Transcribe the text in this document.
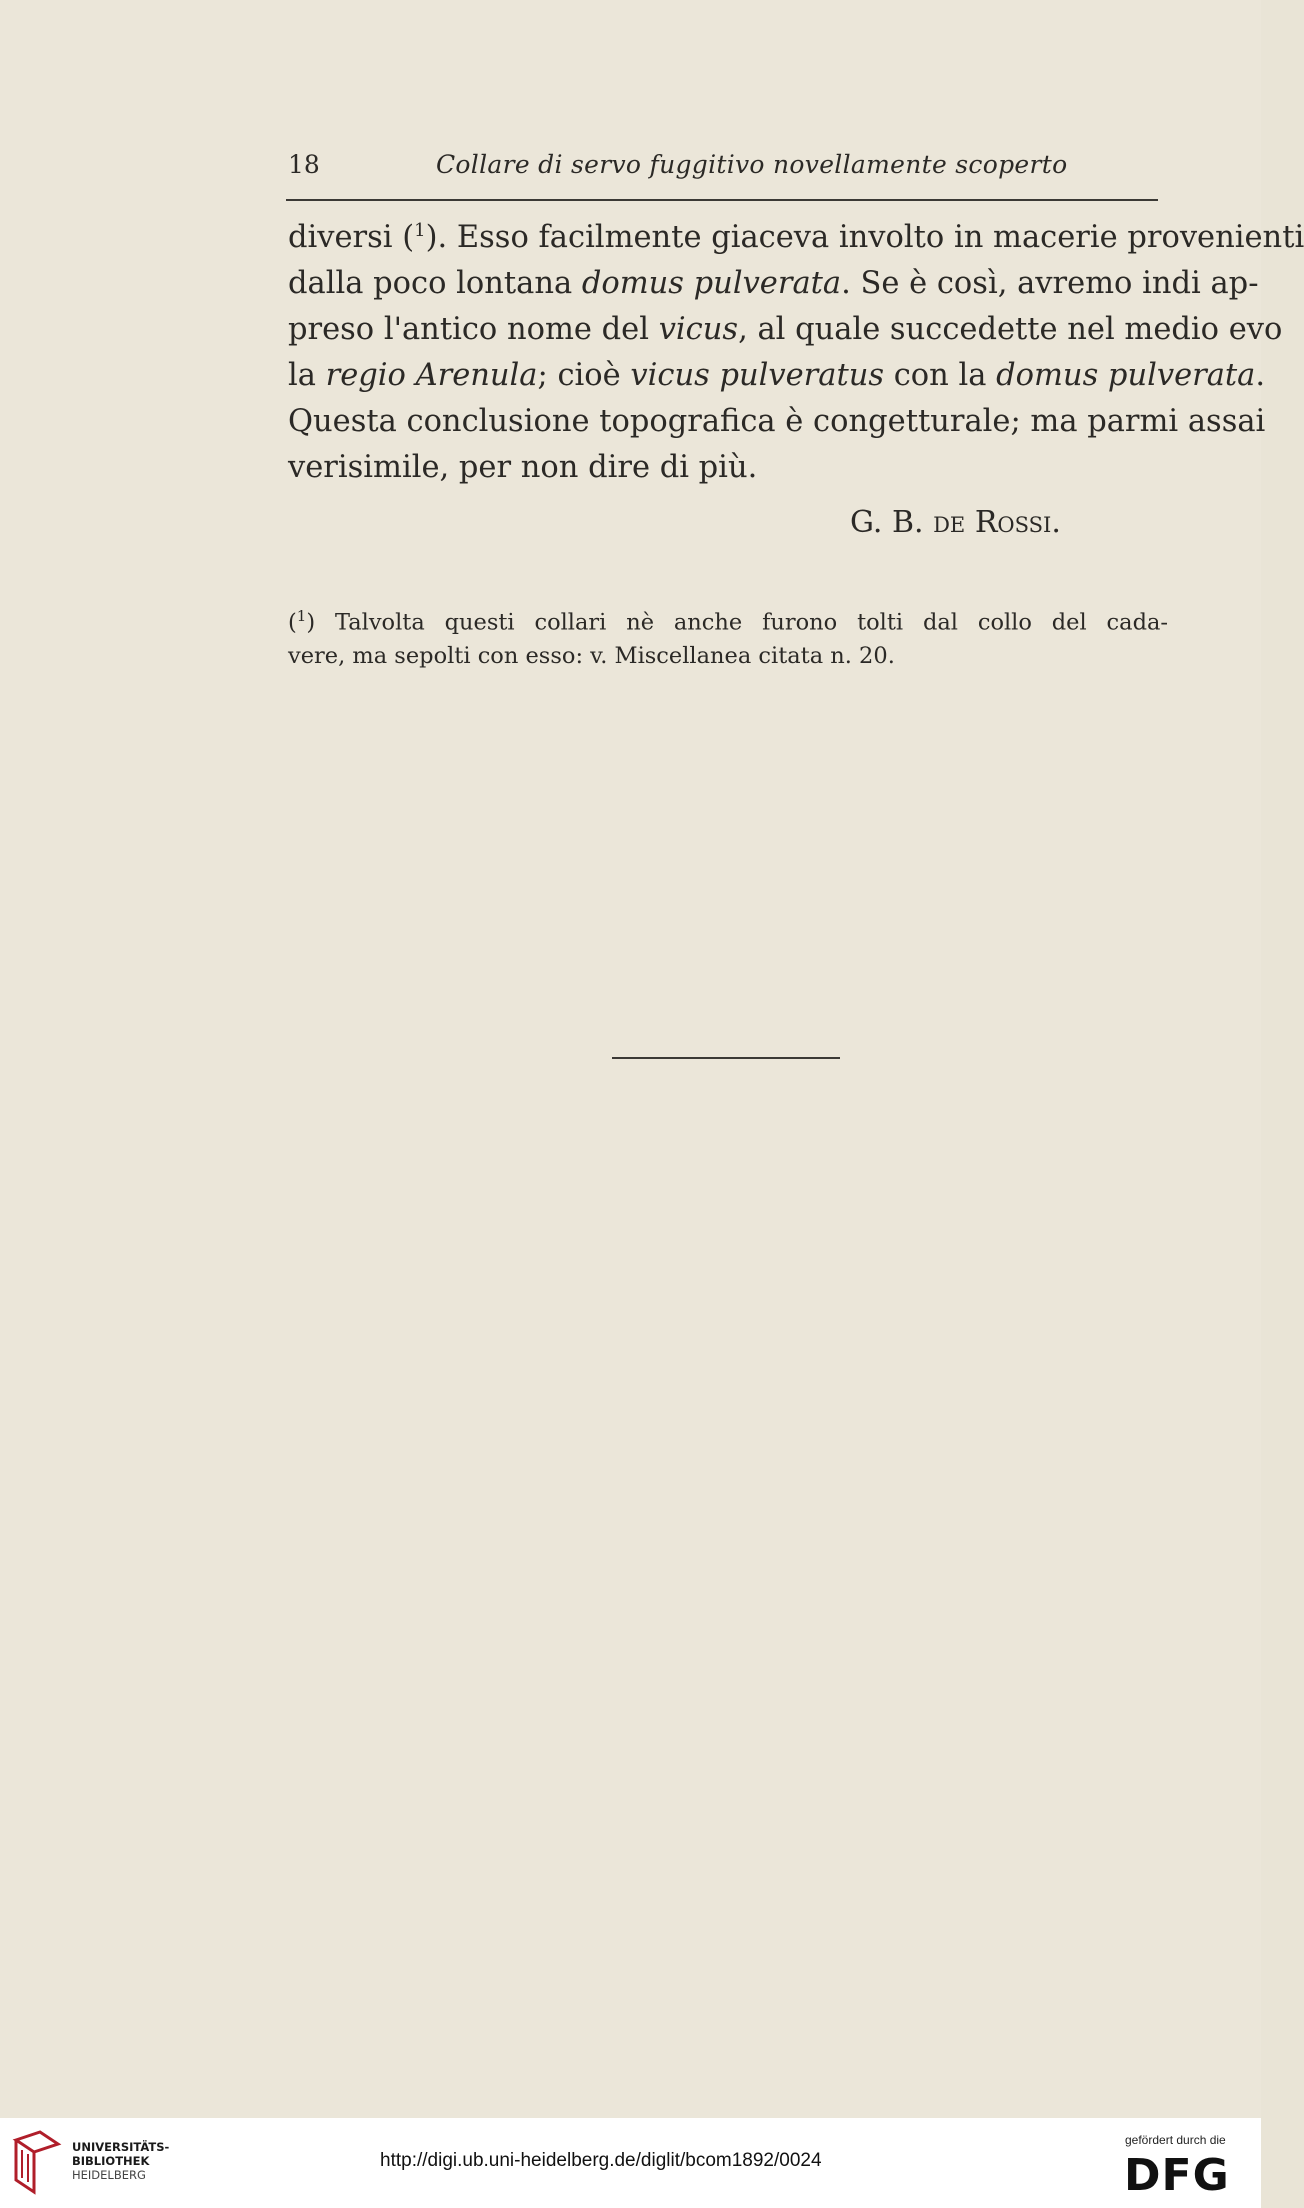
18	Collare di servo fuggitivo novellamente scoperto
diversi ($^1$). Esso facilmente giaceva involto in macerie provenienti
dalla poco lontana domus pulverata. Se è così, avremo indi ap-
preso l'antico nome del vicus, al quale succedette nel medio evo
la regio Arenula; cioè vicus pulveratus con la domus pulverata.
Questa conclusione topografica è congetturale; ma parmi assai
verisimile, per non dire di più.
G. B. de Rossi.
($^1$) Talvolta questi collari nè anche furono tolti dal collo del cada-
vere, ma sepolti con esso: v. Miscellanea citata n. 20.
UNIVERSITÄTS-
BIBLIOTHEK
HEIDELBERG
http://digi.ub.uni-heidelberg.de/diglit/bcom1892/0024
gefördert durch die
DFG
